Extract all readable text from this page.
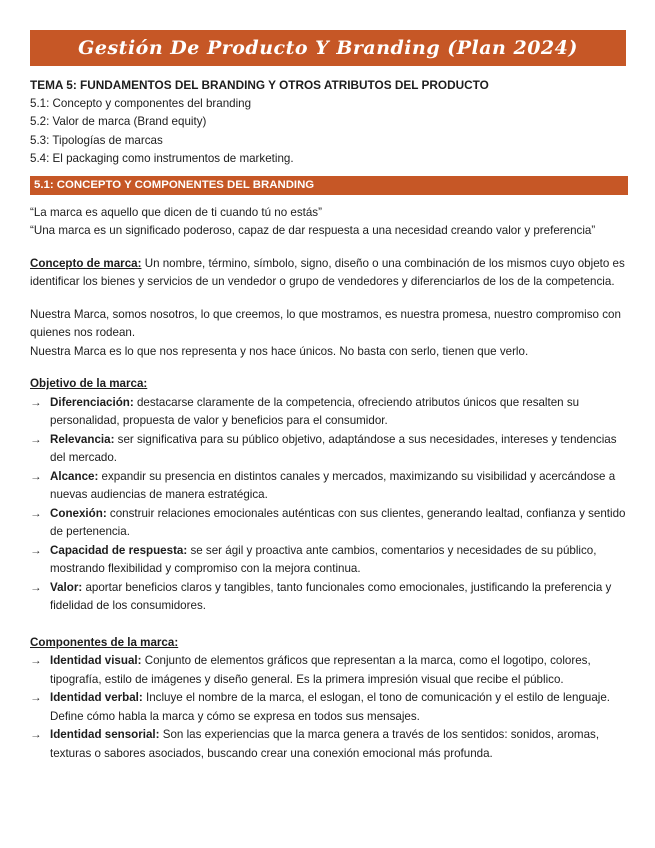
Gestión De Producto Y Branding (Plan 2024)

TEMA 5: FUNDAMENTOS DEL BRANDING Y OTROS ATRIBUTOS DEL PRODUCTO

5.1: Concepto y componentes del branding

5.2: Valor de marca (Brand equity)

5.3: Tipologías de marcas

5.4: El packaging como instrumentos de marketing.

5.1: CONCEPTO Y COMPONENTES DEL BRANDING

“La marca es aquello que dicen de ti cuando tú no estás”

“Una marca es un significado poderoso, capaz de dar respuesta a una necesidad creando valor y preferencia”

Concepto de marca: Un nombre, término, símbolo, signo, diseño o una combinación de los mismos cuyo objeto es identificar los bienes y servicios de un vendedor o grupo de vendedores y diferenciarlos de los de la competencia.

Nuestra Marca, somos nosotros, lo que creemos, lo que mostramos, es nuestra promesa, nuestro compromiso con quienes nos rodean.

Nuestra Marca es lo que nos representa y nos hace únicos. No basta con serlo, tienen que verlo.

Objetivo de la marca:

→ Diferenciación: destacarse claramente de la competencia, ofreciendo atributos únicos que resalten su personalidad, propuesta de valor y beneficios para el consumidor.
→ Relevancia: ser significativa para su público objetivo, adaptándose a sus necesidades, intereses y tendencias del mercado.
→ Alcance: expandir su presencia en distintos canales y mercados, maximizando su visibilidad y acercándose a nuevas audiencias de manera estratégica.
→ Conexión: construir relaciones emocionales auténticas con sus clientes, generando lealtad, confianza y sentido de pertenencia.
→ Capacidad de respuesta: se ser ágil y proactiva ante cambios, comentarios y necesidades de su público, mostrando flexibilidad y compromiso con la mejora continua.
→ Valor: aportar beneficios claros y tangibles, tanto funcionales como emocionales, justificando la preferencia y fidelidad de los consumidores.

Componentes de la marca:

→ Identidad visual: Conjunto de elementos gráficos que representan a la marca, como el logotipo, colores, tipografía, estilo de imágenes y diseño general. Es la primera impresión visual que recibe el público.
→ Identidad verbal: Incluye el nombre de la marca, el eslogan, el tono de comunicación y el estilo de lenguaje. Define cómo habla la marca y cómo se expresa en todos sus mensajes.
→ Identidad sensorial: Son las experiencias que la marca genera a través de los sentidos: sonidos, aromas, texturas o sabores asociados, buscando crear una conexión emocional más profunda.
